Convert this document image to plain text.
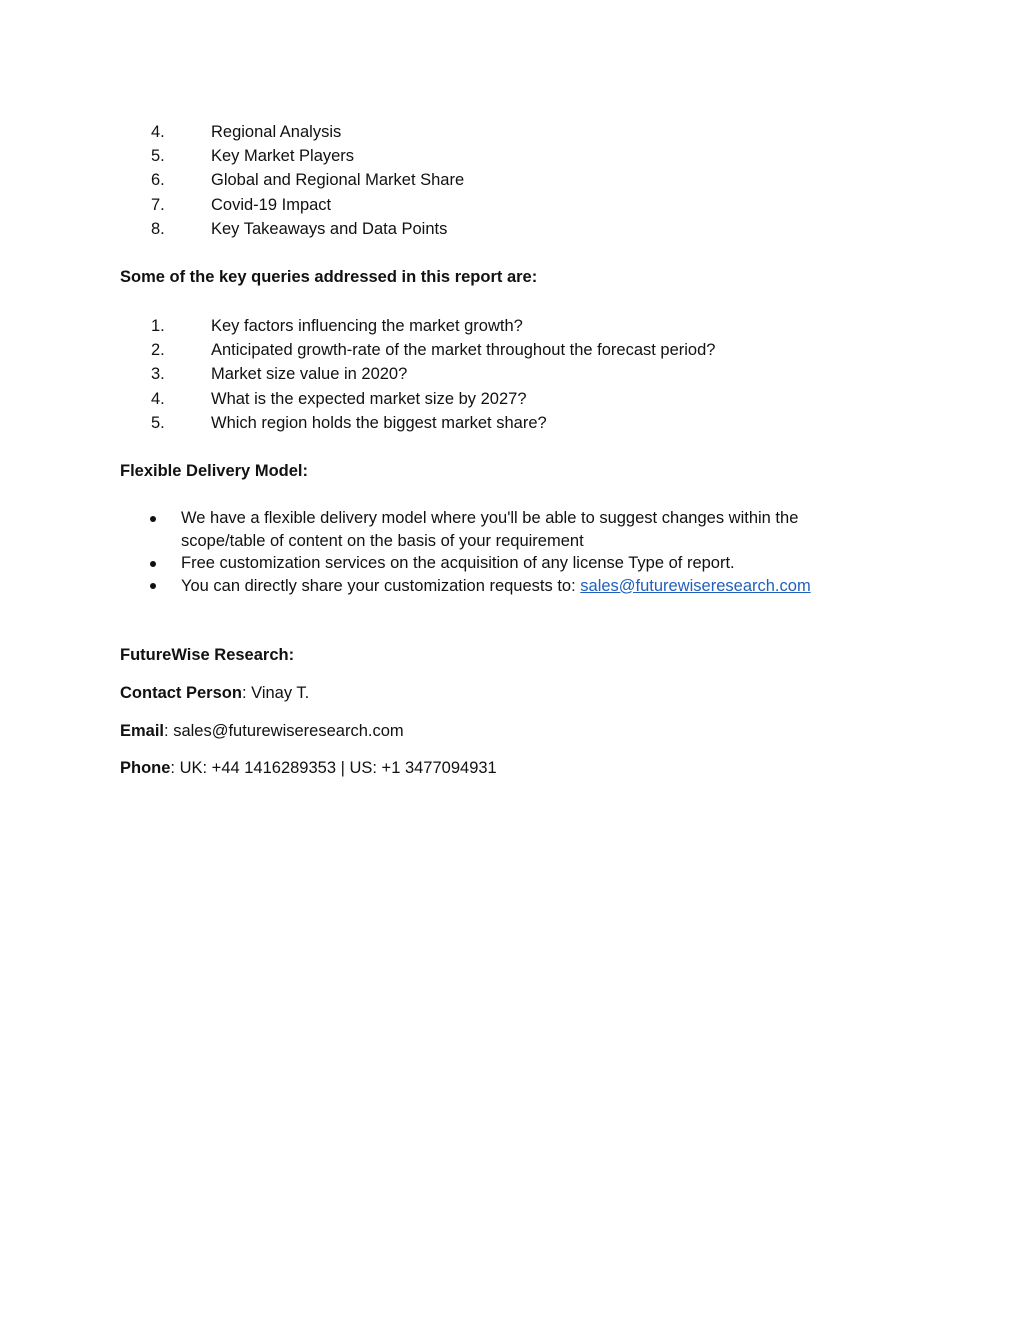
4.	Regional Analysis
5.	Key Market Players
6.	Global and Regional Market Share
7.	Covid-19 Impact
8.	Key Takeaways and Data Points
Some of the key queries addressed in this report are:
1.	Key factors influencing the market growth?
2.	Anticipated growth-rate of the market throughout the forecast period?
3.	Market size value in 2020?
4.	What is the expected market size by 2027?
5.	Which region holds the biggest market share?
Flexible Delivery Model:
We have a flexible delivery model where you'll be able to suggest changes within the scope/table of content on the basis of your requirement
Free customization services on the acquisition of any license Type of report.
You can directly share your customization requests to: sales@futurewiseresearch.com
FutureWise Research:
Contact Person: Vinay T.
Email: sales@futurewiseresearch.com
Phone: UK: +44 1416289353 | US: +1 3477094931
